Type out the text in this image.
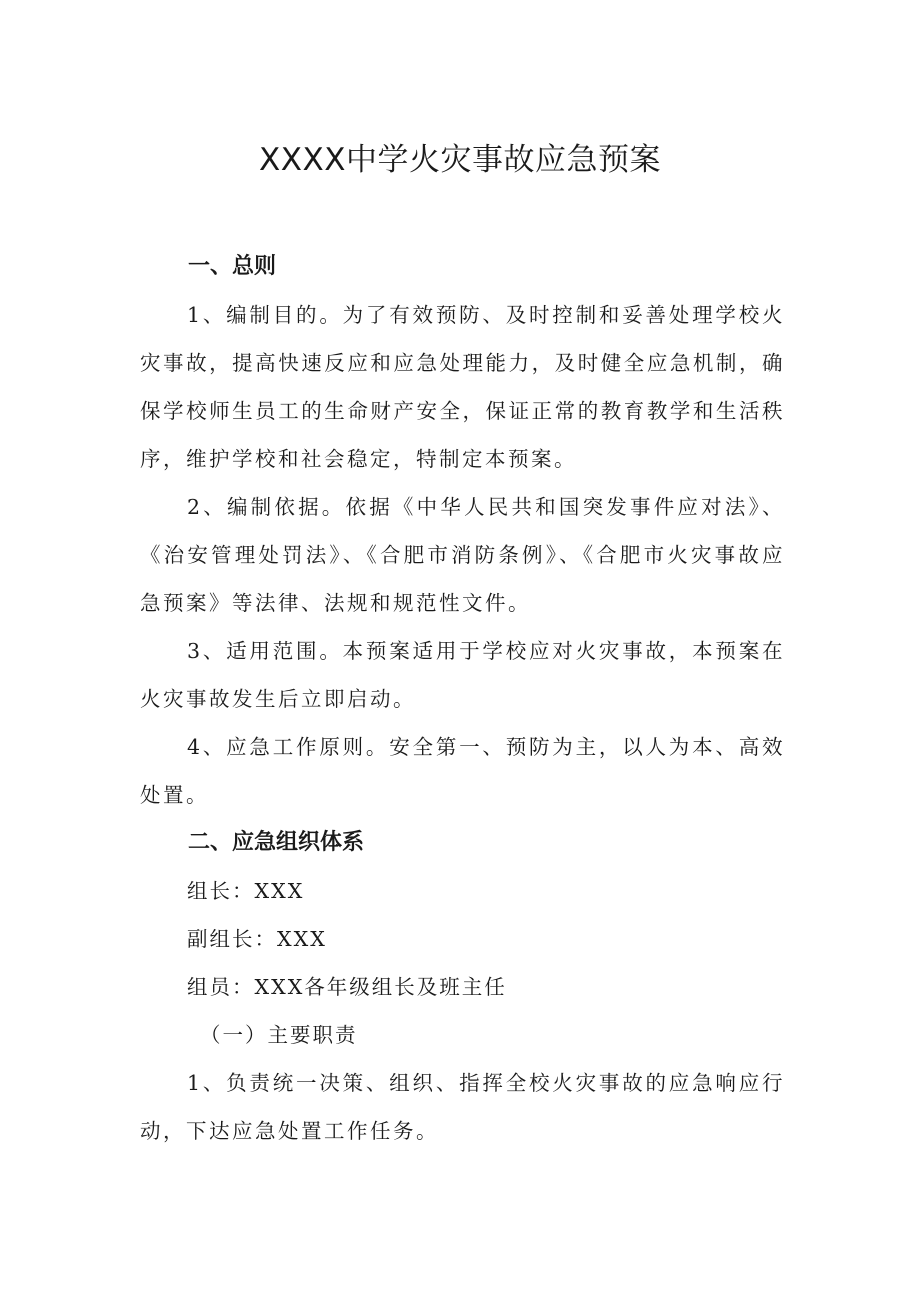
XXXX中学火灾事故应急预案
一、总则

1、编制目的。为了有效预防、及时控制和妥善处理学校火灾事故，提高快速反应和应急处理能力，及时健全应急机制，确保学校师生员工的生命财产安全，保证正常的教育教学和生活秩序，维护学校和社会稳定，特制定本预案。

2、编制依据。依据《中华人民共和国突发事件应对法》、《治安管理处罚法》、《合肥市消防条例》、《合肥市火灾事故应急预案》等法律、法规和规范性文件。

3、适用范围。本预案适用于学校应对火灾事故，本预案在火灾事故发生后立即启动。

4、应急工作原则。安全第一、预防为主，以人为本、高效处置。

二、应急组织体系

组长：XXX

副组长：XXX

组员：XXX各年级组长及班主任

（一）主要职责

1、负责统一决策、组织、指挥全校火灾事故的应急响应行动，下达应急处置工作任务。
